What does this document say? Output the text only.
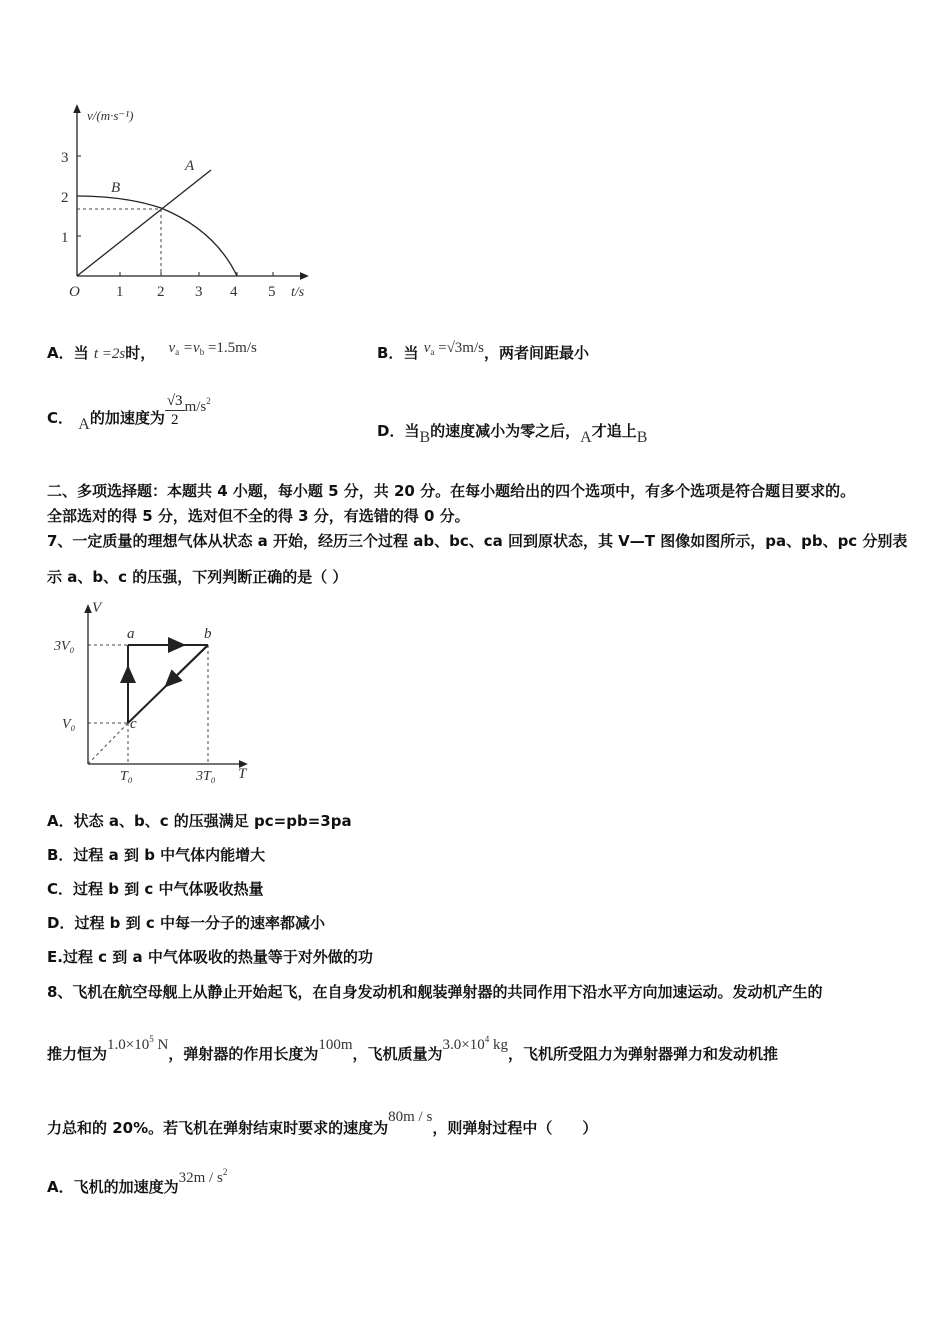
v/(m·s⁻¹)
t/s
O
1
2
3
1 2 3 4 5
A
B
A．当 t =2s时， $v_a =v_b =1.5m/s$	B．当 $v_a =√3m/s$，两者间距最小
C． A的加速度为 $\frac{√3}{2} m/s^2$
D．当B的速度减小为零之后，A才追上B
二、多项选择题：本题共 4 小题，每小题 5 分，共 20 分。在每小题给出的四个选项中，有多个选项是符合题目要求的。
全部选对的得 5 分，选对但不全的得 3 分，有选错的得 0 分。
7、一定质量的理想气体从状态 a 开始，经历三个过程 ab、bc、ca 回到原状态，其 V—T 图像如图所示，pa、pb、pc 分别表
示 a、b、c 的压强，下列判断正确的是（ ）
V
T
3V₀
V₀
T₀	3T₀
a	b
c
A．状态 a、b、c 的压强满足 pc=pb=3pa
B．过程 a 到 b 中气体内能增大
C．过程 b 到 c 中气体吸收热量
D．过程 b 到 c 中每一分子的速率都减小
E.过程 c 到 a 中气体吸收的热量等于对外做的功
8、飞机在航空母舰上从静止开始起飞，在自身发动机和舰装弹射器的共同作用下沿水平方向加速运动。发动机产生的
推力恒为$1.0\times 10^5$ N，弹射器的作用长度为100m，飞机质量为$3.0\times 10^4$ kg，飞机所受阻力为弹射器弹力和发动机推
力总和的 20%。若飞机在弹射结束时要求的速度为80m / s，则弹射过程中（　　）
A．飞机的加速度为$32m / s^2$
